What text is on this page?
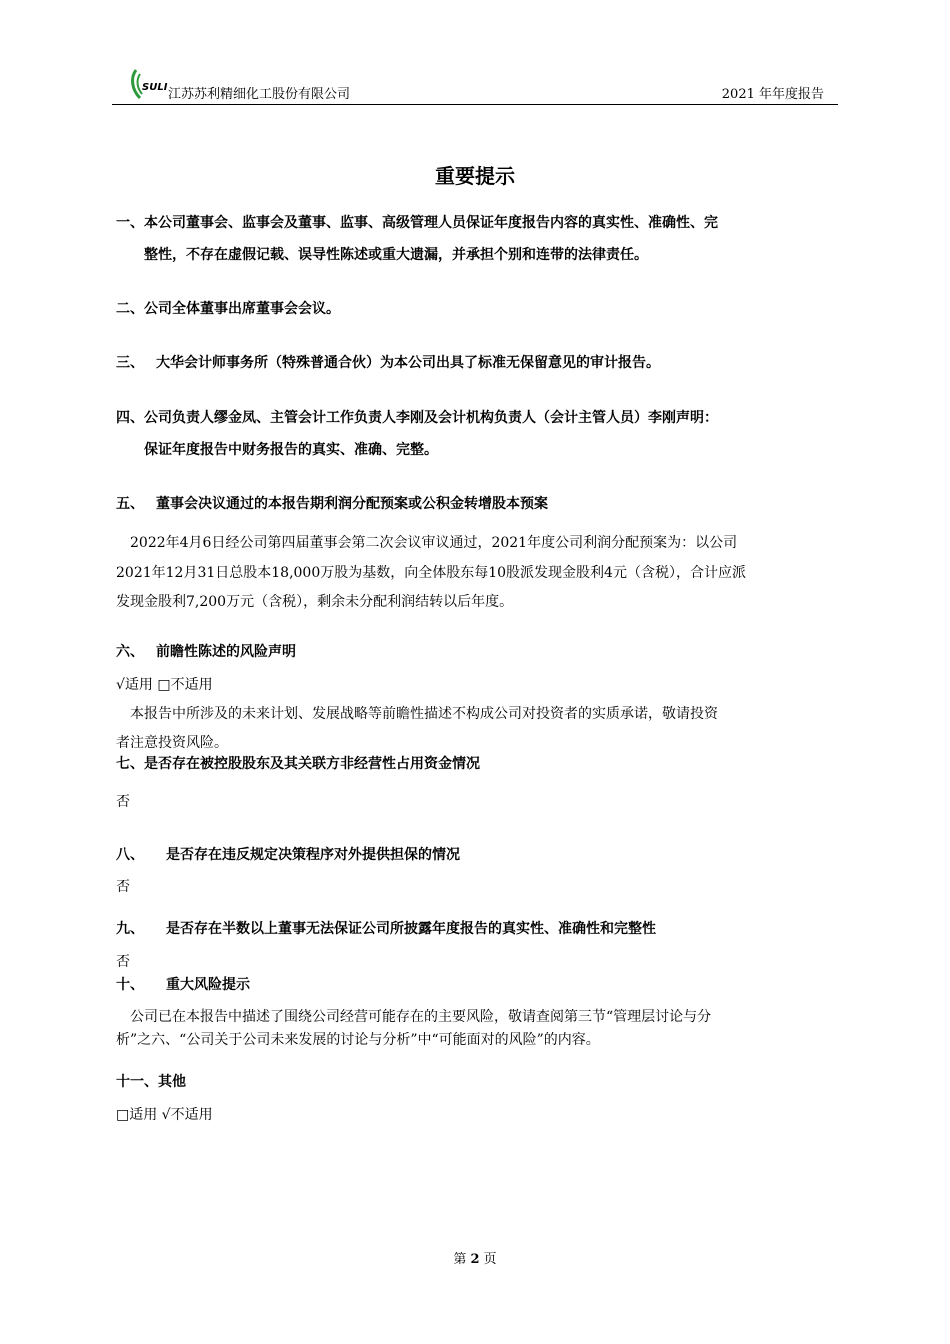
SULI 江苏苏利精细化工股份有限公司	2021 年年度报告
重要提示
一、本公司董事会、监事会及董事、监事、高级管理人员保证年度报告内容的真实性、准确性、完
整性，不存在虚假记载、误导性陈述或重大遗漏，并承担个别和连带的法律责任。
二、公司全体董事出席董事会会议。
三、 大华会计师事务所（特殊普通合伙）为本公司出具了标准无保留意见的审计报告。
四、公司负责人缪金凤、主管会计工作负责人李刚及会计机构负责人（会计主管人员）李刚声明：
保证年度报告中财务报告的真实、准确、完整。
五、 董事会决议通过的本报告期利润分配预案或公积金转增股本预案
2022年4月6日经公司第四届董事会第二次会议审议通过，2021年度公司利润分配预案为：以公司
2021年12月31日总股本18,000万股为基数，向全体股东每10股派发现金股利4元（含税），合计应派
发现金股利7,200万元（含税），剩余未分配利润结转以后年度。
六、 前瞻性陈述的风险声明
√适用 □不适用
本报告中所涉及的未来计划、发展战略等前瞻性描述不构成公司对投资者的实质承诺，敬请投资
者注意投资风险。
七、是否存在被控股股东及其关联方非经营性占用资金情况
否
八、 是否存在违反规定决策程序对外提供担保的情况
否
九、 是否存在半数以上董事无法保证公司所披露年度报告的真实性、准确性和完整性
否
十、 重大风险提示
公司已在本报告中描述了围绕公司经营可能存在的主要风险，敬请查阅第三节“管理层讨论与分
析”之六、“公司关于公司未来发展的讨论与分析”中“可能面对的风险”的内容。
十一、其他
□适用 √不适用
第 2 页
